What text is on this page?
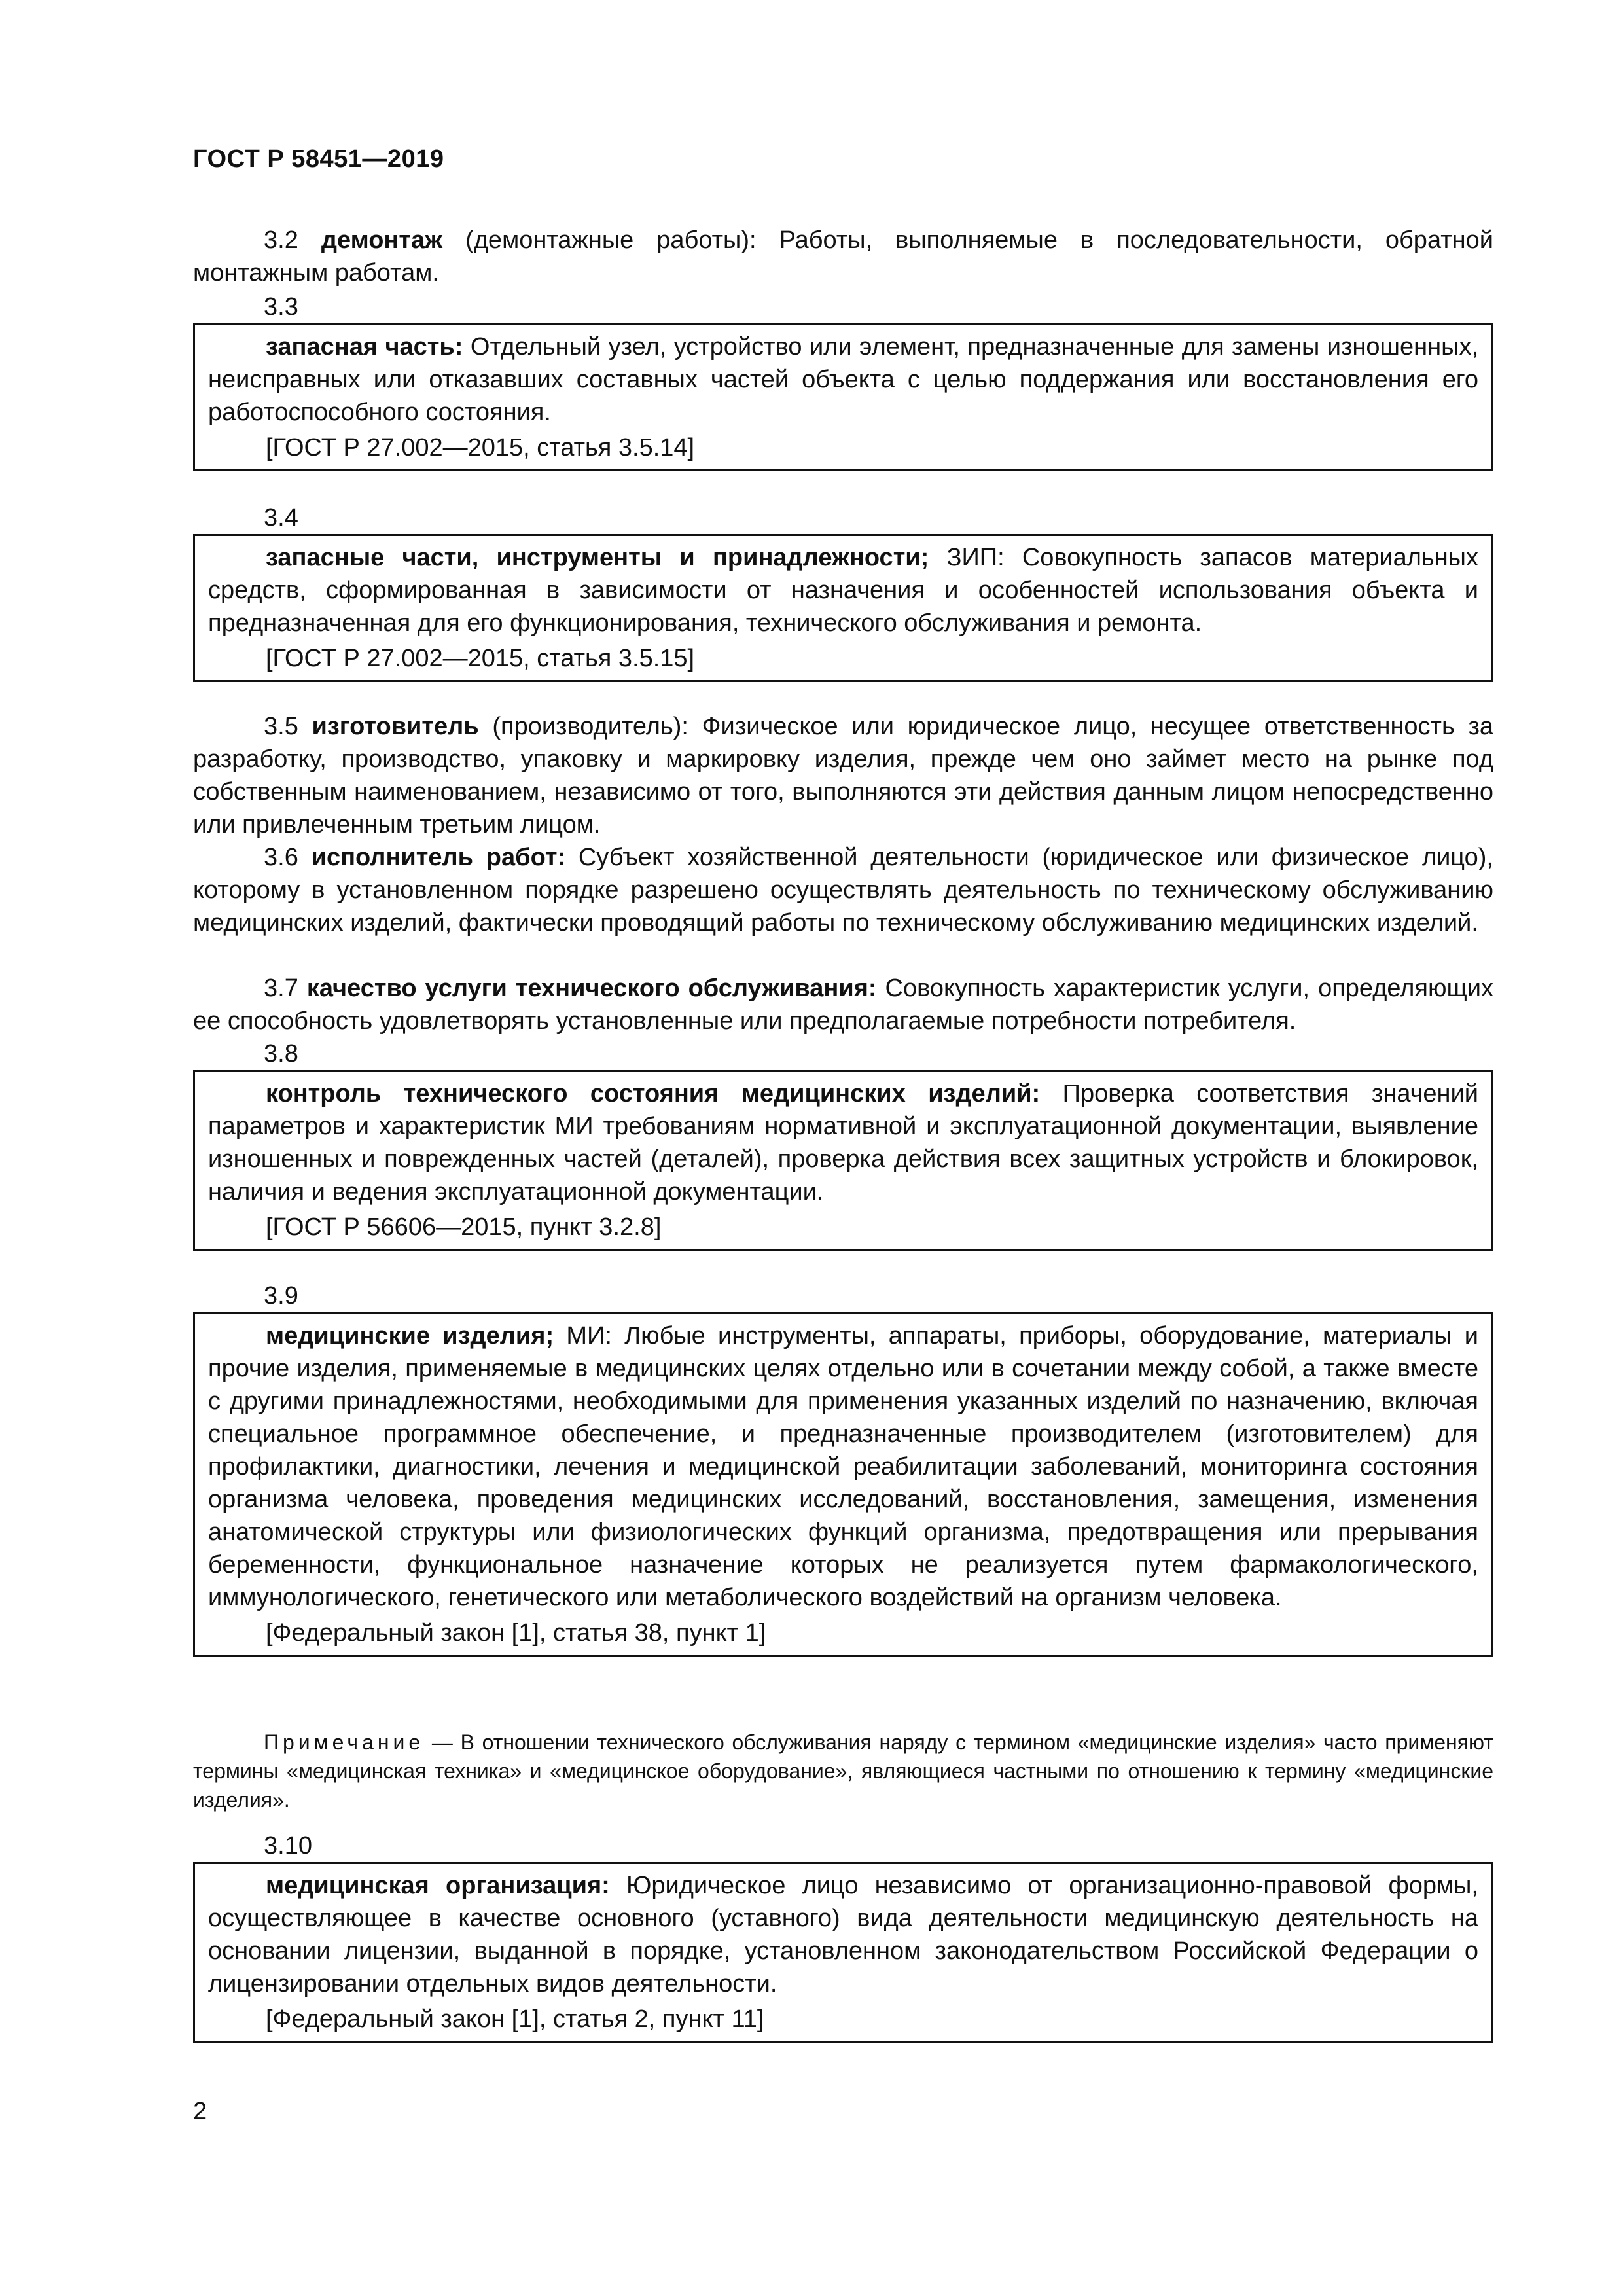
ГОСТ Р 58451—2019

3.2 демонтаж (демонтажные работы): Работы, выполняемые в последовательности, обратной монтажным работам.

3.3

запасная часть: Отдельный узел, устройство или элемент, предназначенные для замены изношенных, неисправных или отказавших составных частей объекта с целью поддержания или восстановления его работоспособного состояния.

[ГОСТ Р 27.002—2015, статья 3.5.14]

3.4

запасные части, инструменты и принадлежности; ЗИП: Совокупность запасов материальных средств, сформированная в зависимости от назначения и особенностей использования объекта и предназначенная для его функционирования, технического обслуживания и ремонта.

[ГОСТ Р 27.002—2015, статья 3.5.15]

3.5 изготовитель (производитель): Физическое или юридическое лицо, несущее ответственность за разработку, производство, упаковку и маркировку изделия, прежде чем оно займет место на рынке под собственным наименованием, независимо от того, выполняются эти действия данным лицом непосредственно или привлеченным третьим лицом.

3.6 исполнитель работ: Субъект хозяйственной деятельности (юридическое или физическое лицо), которому в установленном порядке разрешено осуществлять деятельность по техническому обслуживанию медицинских изделий, фактически проводящий работы по техническому обслуживанию медицинских изделий.

3.7 качество услуги технического обслуживания: Совокупность характеристик услуги, определяющих ее способность удовлетворять установленные или предполагаемые потребности потребителя.

3.8

контроль технического состояния медицинских изделий: Проверка соответствия значений параметров и характеристик МИ требованиям нормативной и эксплуатационной документации, выявление изношенных и поврежденных частей (деталей), проверка действия всех защитных устройств и блокировок, наличия и ведения эксплуатационной документации.

[ГОСТ Р 56606—2015, пункт 3.2.8]

3.9

медицинские изделия; МИ: Любые инструменты, аппараты, приборы, оборудование, материалы и прочие изделия, применяемые в медицинских целях отдельно или в сочетании между собой, а также вместе с другими принадлежностями, необходимыми для применения указанных изделий по назначению, включая специальное программное обеспечение, и предназначенные производителем (изготовителем) для профилактики, диагностики, лечения и медицинской реабилитации заболеваний, мониторинга состояния организма человека, проведения медицинских исследований, восстановления, замещения, изменения анатомической структуры или физиологических функций организма, предотвращения или прерывания беременности, функциональное назначение которых не реализуется путем фармакологического, иммунологического, генетического или метаболического воздействий на организм человека.

[Федеральный закон [1], статья 38, пункт 1]

Примечание — В отношении технического обслуживания наряду с термином «медицинские изделия» часто применяют термины «медицинская техника» и «медицинское оборудование», являющиеся частными по отношению к термину «медицинские изделия».

3.10

медицинская организация: Юридическое лицо независимо от организационно-правовой формы, осуществляющее в качестве основного (уставного) вида деятельности медицинскую деятельность на основании лицензии, выданной в порядке, установленном законодательством Российской Федерации о лицензировании отдельных видов деятельности.

[Федеральный закон [1], статья 2, пункт 11]

2
